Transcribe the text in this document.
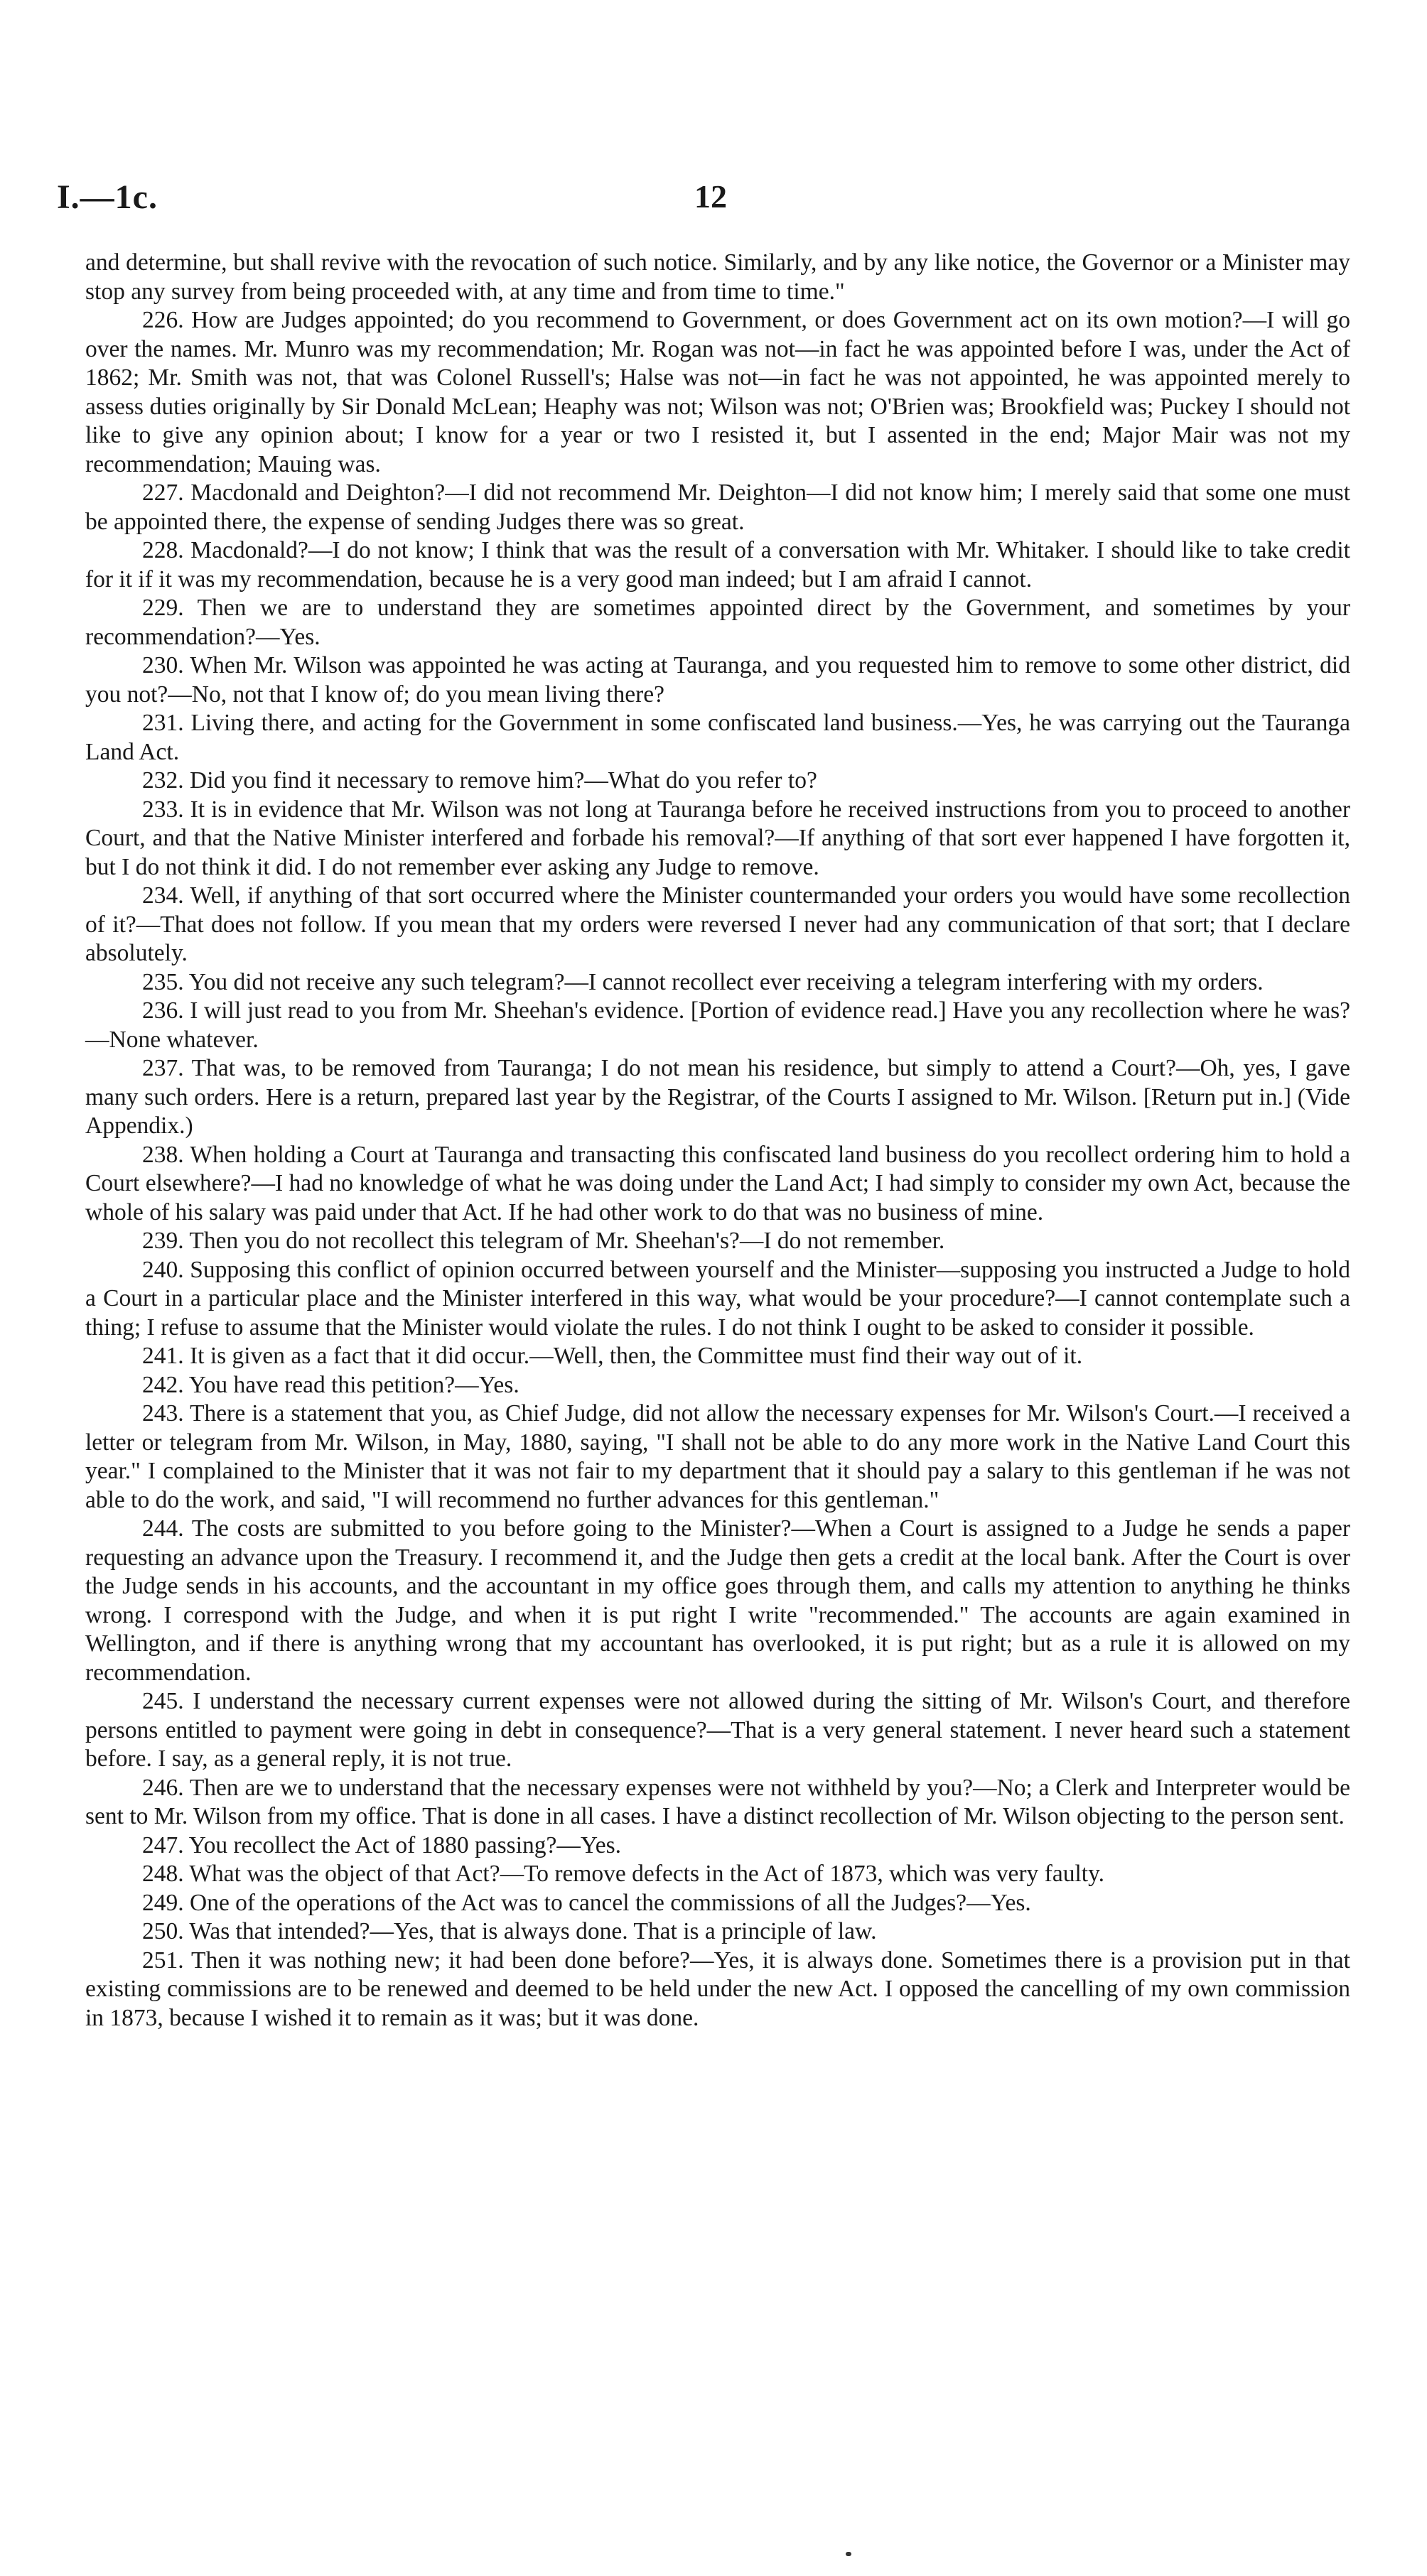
I.—1c.	12

and determine, but shall revive with the revocation of such notice. Similarly, and by any like notice, the Governor or a Minister may stop any survey from being proceeded with, at any time and from time to time."

226. How are Judges appointed; do you recommend to Government, or does Government act on its own motion?—I will go over the names. Mr. Munro was my recommendation; Mr. Rogan was not—in fact he was appointed before I was, under the Act of 1862; Mr. Smith was not, that was Colonel Russell's; Halse was not—in fact he was not appointed, he was appointed merely to assess duties originally by Sir Donald McLean; Heaphy was not; Wilson was not; O'Brien was; Brookfield was; Puckey I should not like to give any opinion about; I know for a year or two I resisted it, but I assented in the end; Major Mair was not my recommendation; Mauing was.

227. Macdonald and Deighton?—I did not recommend Mr. Deighton—I did not know him; I merely said that some one must be appointed there, the expense of sending Judges there was so great.

228. Macdonald?—I do not know; I think that was the result of a conversation with Mr. Whitaker. I should like to take credit for it if it was my recommendation, because he is a very good man indeed; but I am afraid I cannot.

229. Then we are to understand they are sometimes appointed direct by the Government, and sometimes by your recommendation?—Yes.

230. When Mr. Wilson was appointed he was acting at Tauranga, and you requested him to remove to some other district, did you not?—No, not that I know of; do you mean living there?

231. Living there, and acting for the Government in some confiscated land business.—Yes, he was carrying out the Tauranga Land Act.

232. Did you find it necessary to remove him?—What do you refer to?

233. It is in evidence that Mr. Wilson was not long at Tauranga before he received instructions from you to proceed to another Court, and that the Native Minister interfered and forbade his removal?—If anything of that sort ever happened I have forgotten it, but I do not think it did. I do not remember ever asking any Judge to remove.

234. Well, if anything of that sort occurred where the Minister countermanded your orders you would have some recollection of it?—That does not follow. If you mean that my orders were reversed I never had any communication of that sort; that I declare absolutely.

235. You did not receive any such telegram?—I cannot recollect ever receiving a telegram interfering with my orders.

236. I will just read to you from Mr. Sheehan's evidence. [Portion of evidence read.] Have you any recollection where he was?—None whatever.

237. That was, to be removed from Tauranga; I do not mean his residence, but simply to attend a Court?—Oh, yes, I gave many such orders. Here is a return, prepared last year by the Registrar, of the Courts I assigned to Mr. Wilson. [Return put in.] (Vide Appendix.)

238. When holding a Court at Tauranga and transacting this confiscated land business do you recollect ordering him to hold a Court elsewhere?—I had no knowledge of what he was doing under the Land Act; I had simply to consider my own Act, because the whole of his salary was paid under that Act. If he had other work to do that was no business of mine.

239. Then you do not recollect this telegram of Mr. Sheehan's?—I do not remember.

240. Supposing this conflict of opinion occurred between yourself and the Minister—supposing you instructed a Judge to hold a Court in a particular place and the Minister interfered in this way, what would be your procedure?—I cannot contemplate such a thing; I refuse to assume that the Minister would violate the rules. I do not think I ought to be asked to consider it possible.

241. It is given as a fact that it did occur.—Well, then, the Committee must find their way out of it.

242. You have read this petition?—Yes.

243. There is a statement that you, as Chief Judge, did not allow the necessary expenses for Mr. Wilson's Court.—I received a letter or telegram from Mr. Wilson, in May, 1880, saying, "I shall not be able to do any more work in the Native Land Court this year." I complained to the Minister that it was not fair to my department that it should pay a salary to this gentleman if he was not able to do the work, and said, "I will recommend no further advances for this gentleman."

244. The costs are submitted to you before going to the Minister?—When a Court is assigned to a Judge he sends a paper requesting an advance upon the Treasury. I recommend it, and the Judge then gets a credit at the local bank. After the Court is over the Judge sends in his accounts, and the accountant in my office goes through them, and calls my attention to anything he thinks wrong. I correspond with the Judge, and when it is put right I write "recommended." The accounts are again examined in Wellington, and if there is anything wrong that my accountant has overlooked, it is put right; but as a rule it is allowed on my recommendation.

245. I understand the necessary current expenses were not allowed during the sitting of Mr. Wilson's Court, and therefore persons entitled to payment were going in debt in consequence?—That is a very general statement. I never heard such a statement before. I say, as a general reply, it is not true.

246. Then are we to understand that the necessary expenses were not withheld by you?—No; a Clerk and Interpreter would be sent to Mr. Wilson from my office. That is done in all cases. I have a distinct recollection of Mr. Wilson objecting to the person sent.

247. You recollect the Act of 1880 passing?—Yes.

248. What was the object of that Act?—To remove defects in the Act of 1873, which was very faulty.

249. One of the operations of the Act was to cancel the commissions of all the Judges?—Yes.

250. Was that intended?—Yes, that is always done. That is a principle of law.

251. Then it was nothing new; it had been done before?—Yes, it is always done. Sometimes there is a provision put in that existing commissions are to be renewed and deemed to be held under the new Act. I opposed the cancelling of my own commission in 1873, because I wished it to remain as it was; but it was done.
